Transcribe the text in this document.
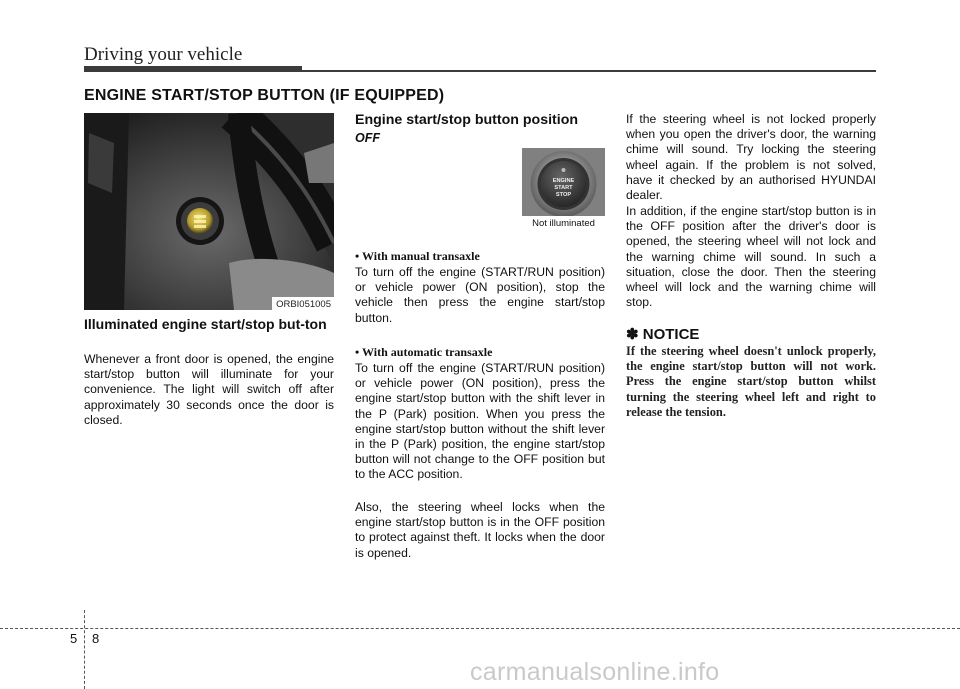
Driving your vehicle
ENGINE START/STOP BUTTON (IF EQUIPPED)
ORBI051005
Illuminated engine start/stop but-ton

Whenever a front door is opened, the engine start/stop button will illuminate for your convenience. The light will switch off after approximately 30 seconds once the door is closed.

Engine start/stop button position
OFF
ENGINE
START
STOP
Not illuminated
• With manual transaxle

To turn off the engine (START/RUN position) or vehicle power (ON position), stop the vehicle then press the engine start/stop button.

• With automatic transaxle

To turn off the engine (START/RUN position) or vehicle power (ON position), press the engine start/stop button with the shift lever in the P (Park) position. When you press the engine start/stop button without the shift lever in the P (Park) position, the engine start/stop button will not change to the OFF position but to the ACC position.

Also, the steering wheel locks when the engine start/stop button is in the OFF position to protect against theft. It locks when the door is opened.

If the steering wheel is not locked properly when you open the driver's door, the warning chime will sound. Try locking the steering wheel again. If the problem is not solved, have it checked by an authorised HYUNDAI dealer.

In addition, if the engine start/stop button is in the OFF position after the driver's door is opened, the steering wheel will not lock and the warning chime will sound. In such a situation, close the door. Then the steering wheel will lock and the warning chime will stop.

✽ NOTICE

If the steering wheel doesn't unlock properly, the engine start/stop button will not work. Press the engine start/stop button whilst turning the steering wheel left and right to release the tension.

5 8
carmanualsonline.info
